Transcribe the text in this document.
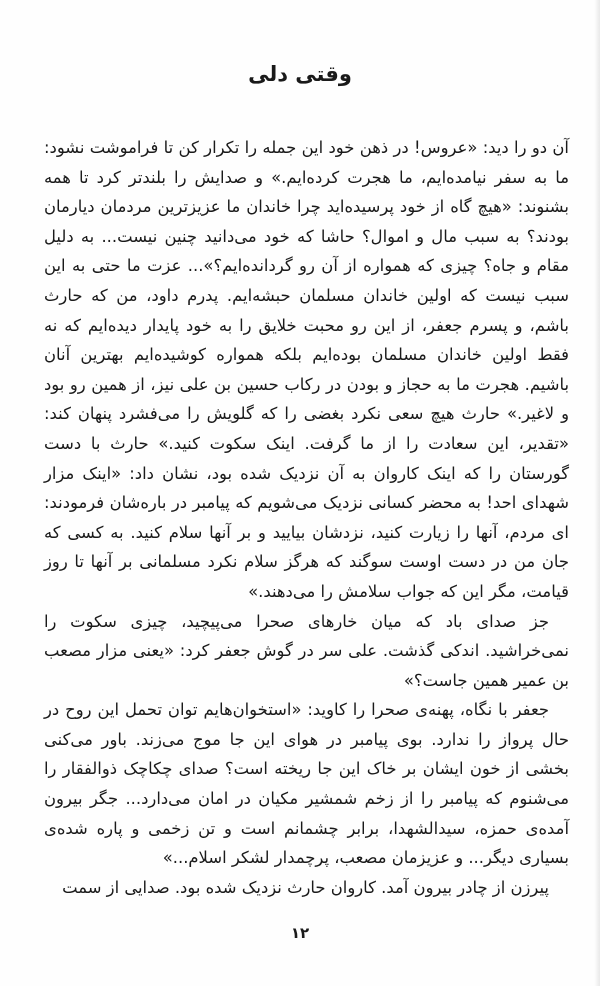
وقتی دلی

آن دو را دید: «عروس! در ذهن خود این جمله را تکرار کن تا فراموشت نشود: ما به سفر نیامده‌ایم، ما هجرت کرده‌ایم.» و صدایش را بلندتر کرد تا همه بشنوند: «هیچ گاه از خود پرسیده‌اید چرا خاندان ما عزیزترین مردمان دیارمان بودند؟ به سبب مال و اموال؟ حاشا که خود می‌دانید چنین نیست... به دلیل مقام و جاه؟ چیزی که همواره از آن رو گردانده‌ایم؟»... عزت ما حتی به این سبب نیست که اولین خاندان مسلمان حبشه‌ایم. پدرم داود، من که حارث باشم، و پسرم جعفر، از این رو محبت خلایق را به خود پایدار دیده‌ایم که نه فقط اولین خاندان مسلمان بوده‌ایم بلکه همواره کوشیده‌ایم بهترین آنان باشیم. هجرت ما به حجاز و بودن در رکاب حسین بن علی نیز، از همین رو بود و لاغیر.» حارث هیچ سعی نکرد بغضی را که گلویش را می‌فشرد پنهان کند: «تقدیر، این سعادت را از ما گرفت. اینک سکوت کنید.» حارث با دست گورستان را که اینک کاروان به آن نزدیک شده بود، نشان داد: «اینک مزار شهدای احد! به محضر کسانی نزدیک می‌شویم که پیامبر در باره‌شان فرمودند: ای مردم، آنها را زیارت کنید، نزدشان بیایید و بر آنها سلام کنید. به کسی که جان من در دست اوست سوگند که هرگز سلام نکرد مسلمانی بر آنها تا روز قیامت، مگر این که جواب سلامش را می‌دهند.»

جز صدای باد که میان خارهای صحرا می‌پیچید، چیزی سکوت را نمی‌خراشید. اندکی گذشت. علی سر در گوش جعفر کرد: «یعنی مزار مصعب بن عمیر همین جاست؟»

جعفر با نگاه، پهنه‌ی صحرا را کاوید: «استخوان‌هایم توان تحمل این روح در حال پرواز را ندارد. بوی پیامبر در هوای این جا موج می‌زند. باور می‌کنی بخشی از خون ایشان بر خاک این جا ریخته است؟ صدای چکاچک ذوالفقار را می‌شنوم که پیامبر را از زخم شمشیر مکیان در امان می‌دارد... جگر بیرون آمده‌ی حمزه، سیدالشهدا، برابر چشمانم است و تن زخمی و پاره شده‌ی بسیاری دیگر... و عزیزمان مصعب، پرچمدار لشکر اسلام...»

پیرزن از چادر بیرون آمد. کاروان حارث نزدیک شده بود. صدایی از سمت

۱۲
